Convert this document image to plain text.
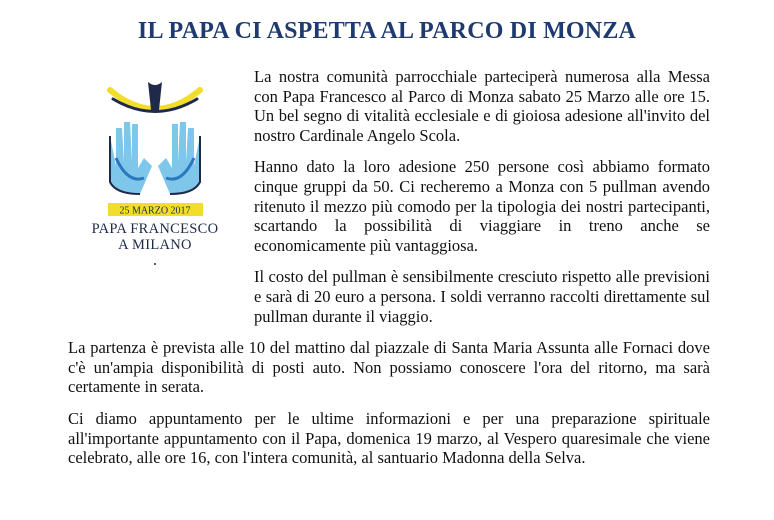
IL PAPA CI ASPETTA AL PARCO DI MONZA
25 MARZO 2017
PAPA FRANCESCO
A MILANO

La nostra comunità parrocchiale parteciperà numerosa alla Messa con Papa Francesco al Parco di Monza sabato 25 Marzo alle ore 15. Un bel segno di vitalità ecclesiale e di gioiosa adesione all'invito del nostro Cardinale Angelo Scola.

Hanno dato la loro adesione 250 persone così abbiamo formato cinque gruppi da 50. Ci recheremo a Monza con 5 pullman avendo ritenuto il mezzo più comodo per la tipologia dei nostri partecipanti, scartando la possibilità di viaggiare in treno anche se economicamente più vantaggiosa.

Il costo del pullman è sensibilmente cresciuto rispetto alle previsioni e sarà di 20 euro a persona. I soldi verranno raccolti direttamente sul pullman durante il viaggio.

La partenza è prevista alle 10 del mattino dal piazzale di Santa Maria Assunta alle Fornaci dove c'è un'ampia disponibilità di posti auto. Non possiamo conoscere l'ora del ritorno, ma sarà certamente in serata.

Ci diamo appuntamento per le ultime informazioni e per una preparazione spirituale all'importante appuntamento con il Papa, domenica 19 marzo, al Vespero quaresimale che viene celebrato, alle ore 16, con l'intera comunità, al santuario Madonna della Selva.
